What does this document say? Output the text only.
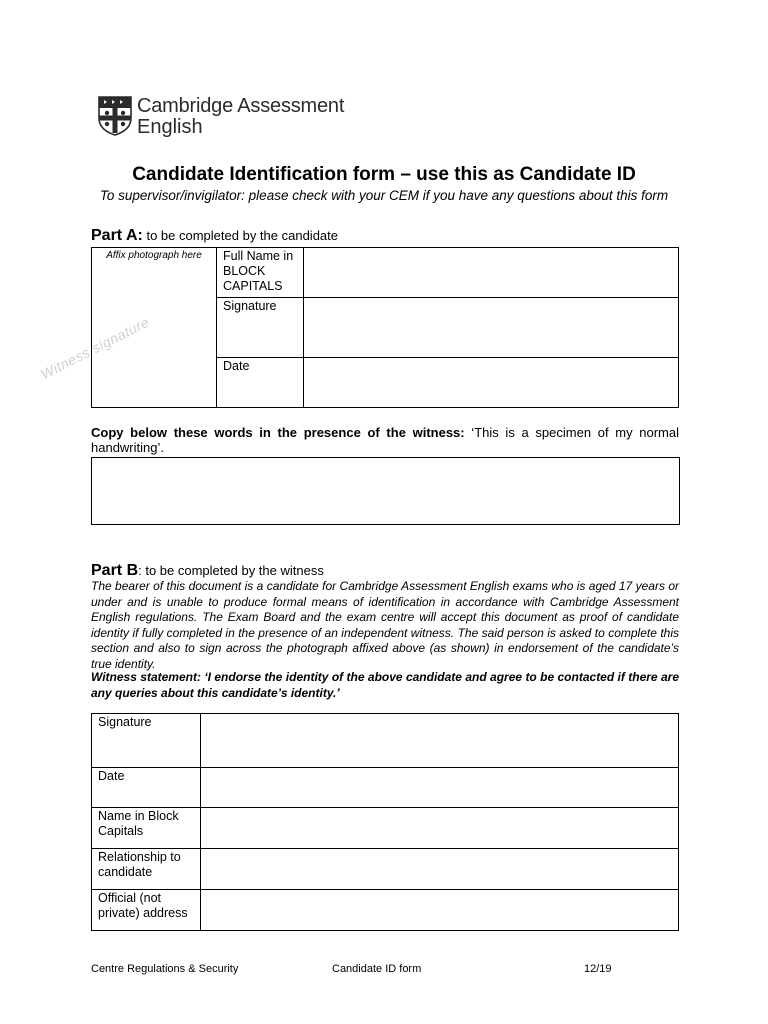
Cambridge Assessment
English
Candidate Identification form – use this as Candidate ID
To supervisor/invigilator: please check with your CEM if you have any questions about this form
Part A: to be completed by the candidate
Affix photograph here	Full Name in BLOCK CAPITALS	
	Signature	
	Date	
Witness signature
Copy below these words in the presence of the witness: ‘This is a specimen of my normal handwriting’.
Part B: to be completed by the witness
The bearer of this document is a candidate for Cambridge Assessment English exams who is aged 17 years or under and is unable to produce formal means of identification in accordance with Cambridge Assessment English regulations. The Exam Board and the exam centre will accept this document as proof of candidate identity if fully completed in the presence of an independent witness. The said person is asked to complete this section and also to sign across the photograph affixed above (as shown) in endorsement of the candidate’s true identity.
Witness statement: ‘I endorse the identity of the above candidate and agree to be contacted if there are any queries about this candidate’s identity.’
Signature	
Date	
Name in Block Capitals	
Relationship to candidate	
Official (not private) address	
Centre Regulations & Security	Candidate ID form	12/19
